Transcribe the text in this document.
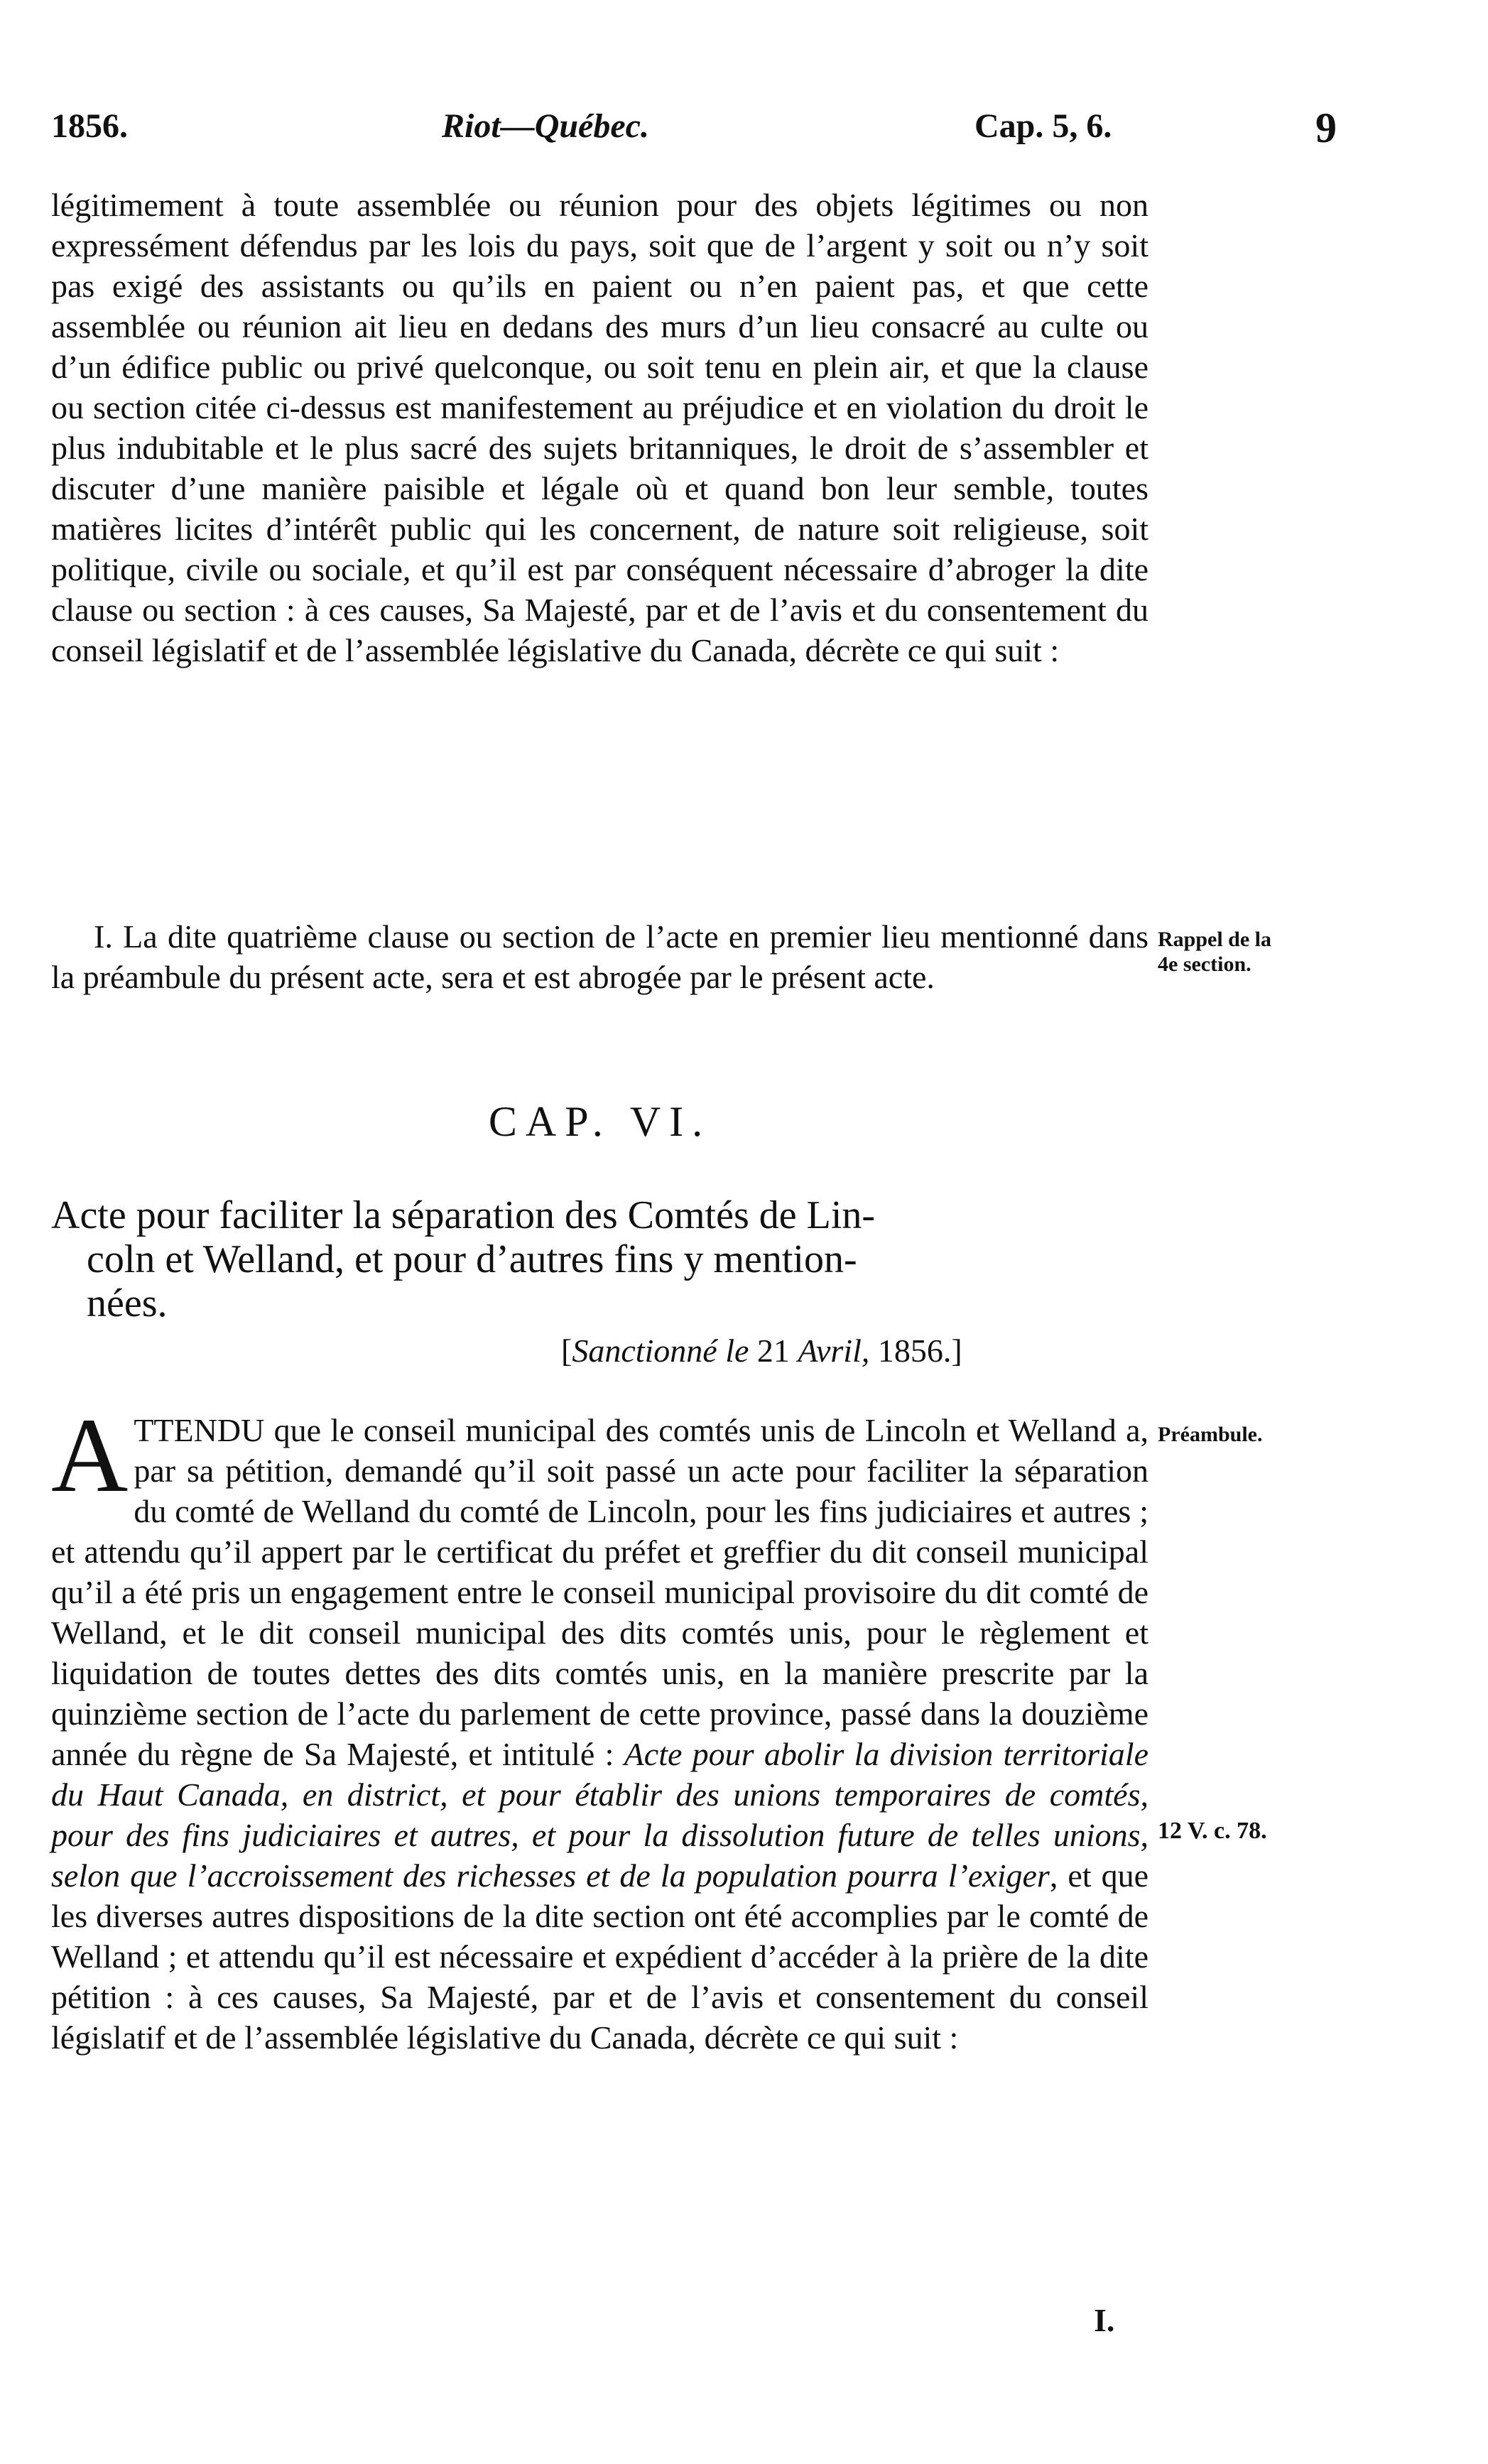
1856.	Riot—Québec.	Cap. 5, 6.	9

légitimement à toute assemblée ou réunion pour des objets légitimes ou non expressément défendus par les lois du pays, soit que de l’argent y soit ou n’y soit pas exigé des assistants ou qu’ils en paient ou n’en paient pas, et que cette assemblée ou réunion ait lieu en dedans des murs d’un lieu consacré au culte ou d’un édifice public ou privé quelconque, ou soit tenu en plein air, et que la clause ou section citée ci-dessus est manifestement au préjudice et en violation du droit le plus indubitable et le plus sacré des sujets britanniques, le droit de s’assembler et discuter d’une manière paisible et légale où et quand bon leur semble, toutes matières licites d’intérêt public qui les concernent, de nature soit religieuse, soit politique, civile ou sociale, et qu’il est par conséquent nécessaire d’abroger la dite clause ou section : à ces causes, Sa Majesté, par et de l’avis et du consentement du conseil législatif et de l’assemblée législative du Canada, décrète ce qui suit :

I. La dite quatrième clause ou section de l’acte en premier lieu mentionné dans la préambule du présent acte, sera et est abrogée par le présent acte.

Rappel de la
4e section.
CAP. VI.
Acte pour faciliter la séparation des Comtés de Lin-
coln et Welland, et pour d’autres fins y mention-
nées.
[Sanctionné le 21 Avril, 1856.]

ATTENDU que le conseil municipal des comtés unis de Lincoln et Welland a, par sa pétition, demandé qu’il soit passé un acte pour faciliter la séparation du comté de Welland du comté de Lincoln, pour les fins judiciaires et autres ; et attendu qu’il appert par le certificat du préfet et greffier du dit conseil municipal qu’il a été pris un engagement entre le conseil municipal provisoire du dit comté de Welland, et le dit conseil municipal des dits comtés unis, pour le règlement et liquidation de toutes dettes des dits comtés unis, en la manière prescrite par la quinzième section de l’acte du parlement de cette province, passé dans la douzième année du règne de Sa Majesté, et intitulé : Acte pour abolir la division territoriale du Haut Canada, en district, et pour établir des unions temporaires de comtés, pour des fins judiciaires et autres, et pour la dissolution future de telles unions, selon que l’accroissement des richesses et de la population pourra l’exiger, et que les diverses autres dispositions de la dite section ont été accomplies par le comté de Welland ; et attendu qu’il est nécessaire et expédient d’accéder à la prière de la dite pétition : à ces causes, Sa Majesté, par et de l’avis et consentement du conseil législatif et de l’assemblée législative du Canada, décrète ce qui suit :

Préambule.
12 V. c. 78.
I.
